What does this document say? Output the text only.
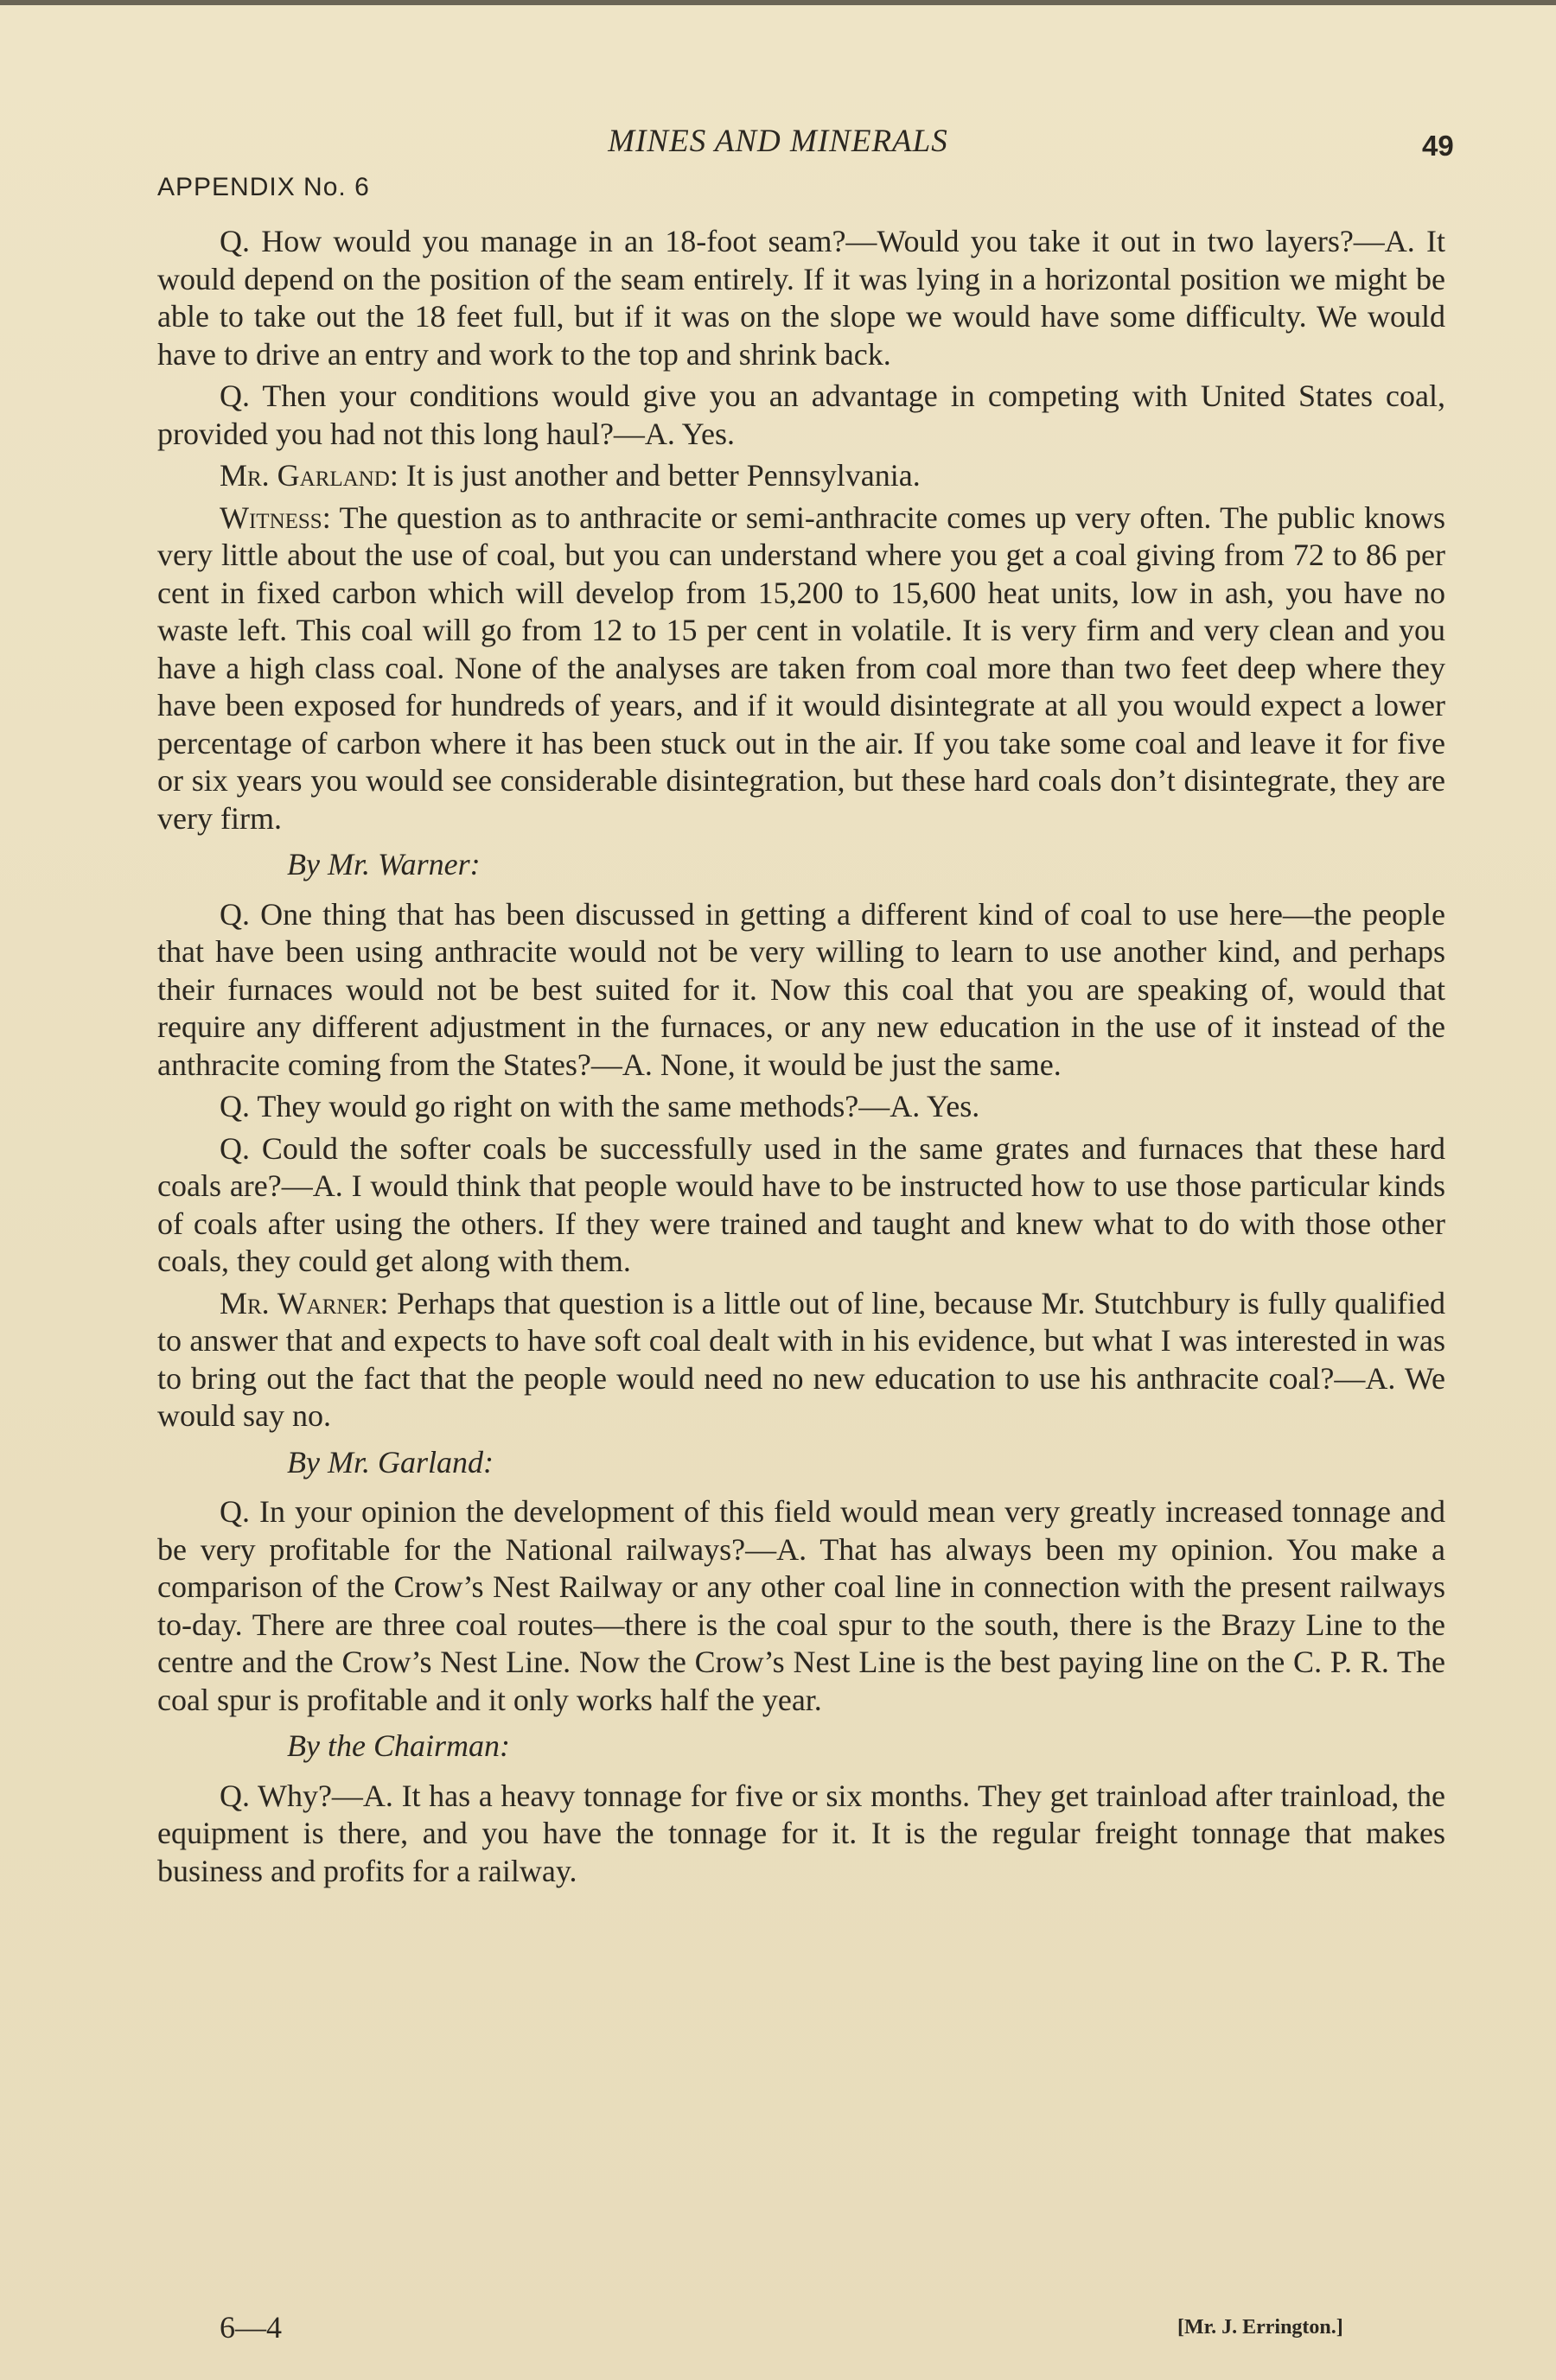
MINES AND MINERALS	49
APPENDIX No. 6

Q. How would you manage in an 18-foot seam?—Would you take it out in two layers?—A. It would depend on the position of the seam entirely. If it was lying in a horizontal position we might be able to take out the 18 feet full, but if it was on the slope we would have some difficulty. We would have to drive an entry and work to the top and shrink back.

Q. Then your conditions would give you an advantage in competing with United States coal, provided you had not this long haul?—A. Yes.

Mr. Garland: It is just another and better Pennsylvania.

Witness: The question as to anthracite or semi-anthracite comes up very often. The public knows very little about the use of coal, but you can understand where you get a coal giving from 72 to 86 per cent in fixed carbon which will develop from 15,200 to 15,600 heat units, low in ash, you have no waste left. This coal will go from 12 to 15 per cent in volatile. It is very firm and very clean and you have a high class coal. None of the analyses are taken from coal more than two feet deep where they have been exposed for hundreds of years, and if it would disintegrate at all you would expect a lower percentage of carbon where it has been stuck out in the air. If you take some coal and leave it for five or six years you would see considerable disintegration, but these hard coals don’t disintegrate, they are very firm.

By Mr. Warner:

Q. One thing that has been discussed in getting a different kind of coal to use here—the people that have been using anthracite would not be very willing to learn to use another kind, and perhaps their furnaces would not be best suited for it. Now this coal that you are speaking of, would that require any different adjustment in the furnaces, or any new education in the use of it instead of the anthracite coming from the States?—A. None, it would be just the same.

Q. They would go right on with the same methods?—A. Yes.

Q. Could the softer coals be successfully used in the same grates and furnaces that these hard coals are?—A. I would think that people would have to be instructed how to use those particular kinds of coals after using the others. If they were trained and taught and knew what to do with those other coals, they could get along with them.

Mr. Warner: Perhaps that question is a little out of line, because Mr. Stutchbury is fully qualified to answer that and expects to have soft coal dealt with in his evidence, but what I was interested in was to bring out the fact that the people would need no new education to use his anthracite coal?—A. We would say no.

By Mr. Garland:

Q. In your opinion the development of this field would mean very greatly increased tonnage and be very profitable for the National railways?—A. That has always been my opinion. You make a comparison of the Crow’s Nest Railway or any other coal line in connection with the present railways to-day. There are three coal routes—there is the coal spur to the south, there is the Brazy Line to the centre and the Crow’s Nest Line. Now the Crow’s Nest Line is the best paying line on the C. P. R. The coal spur is profitable and it only works half the year.

By the Chairman:

Q. Why?—A. It has a heavy tonnage for five or six months. They get trainload after trainload, the equipment is there, and you have the tonnage for it. It is the regular freight tonnage that makes business and profits for a railway.

6—4	[Mr. J. Errington.]
